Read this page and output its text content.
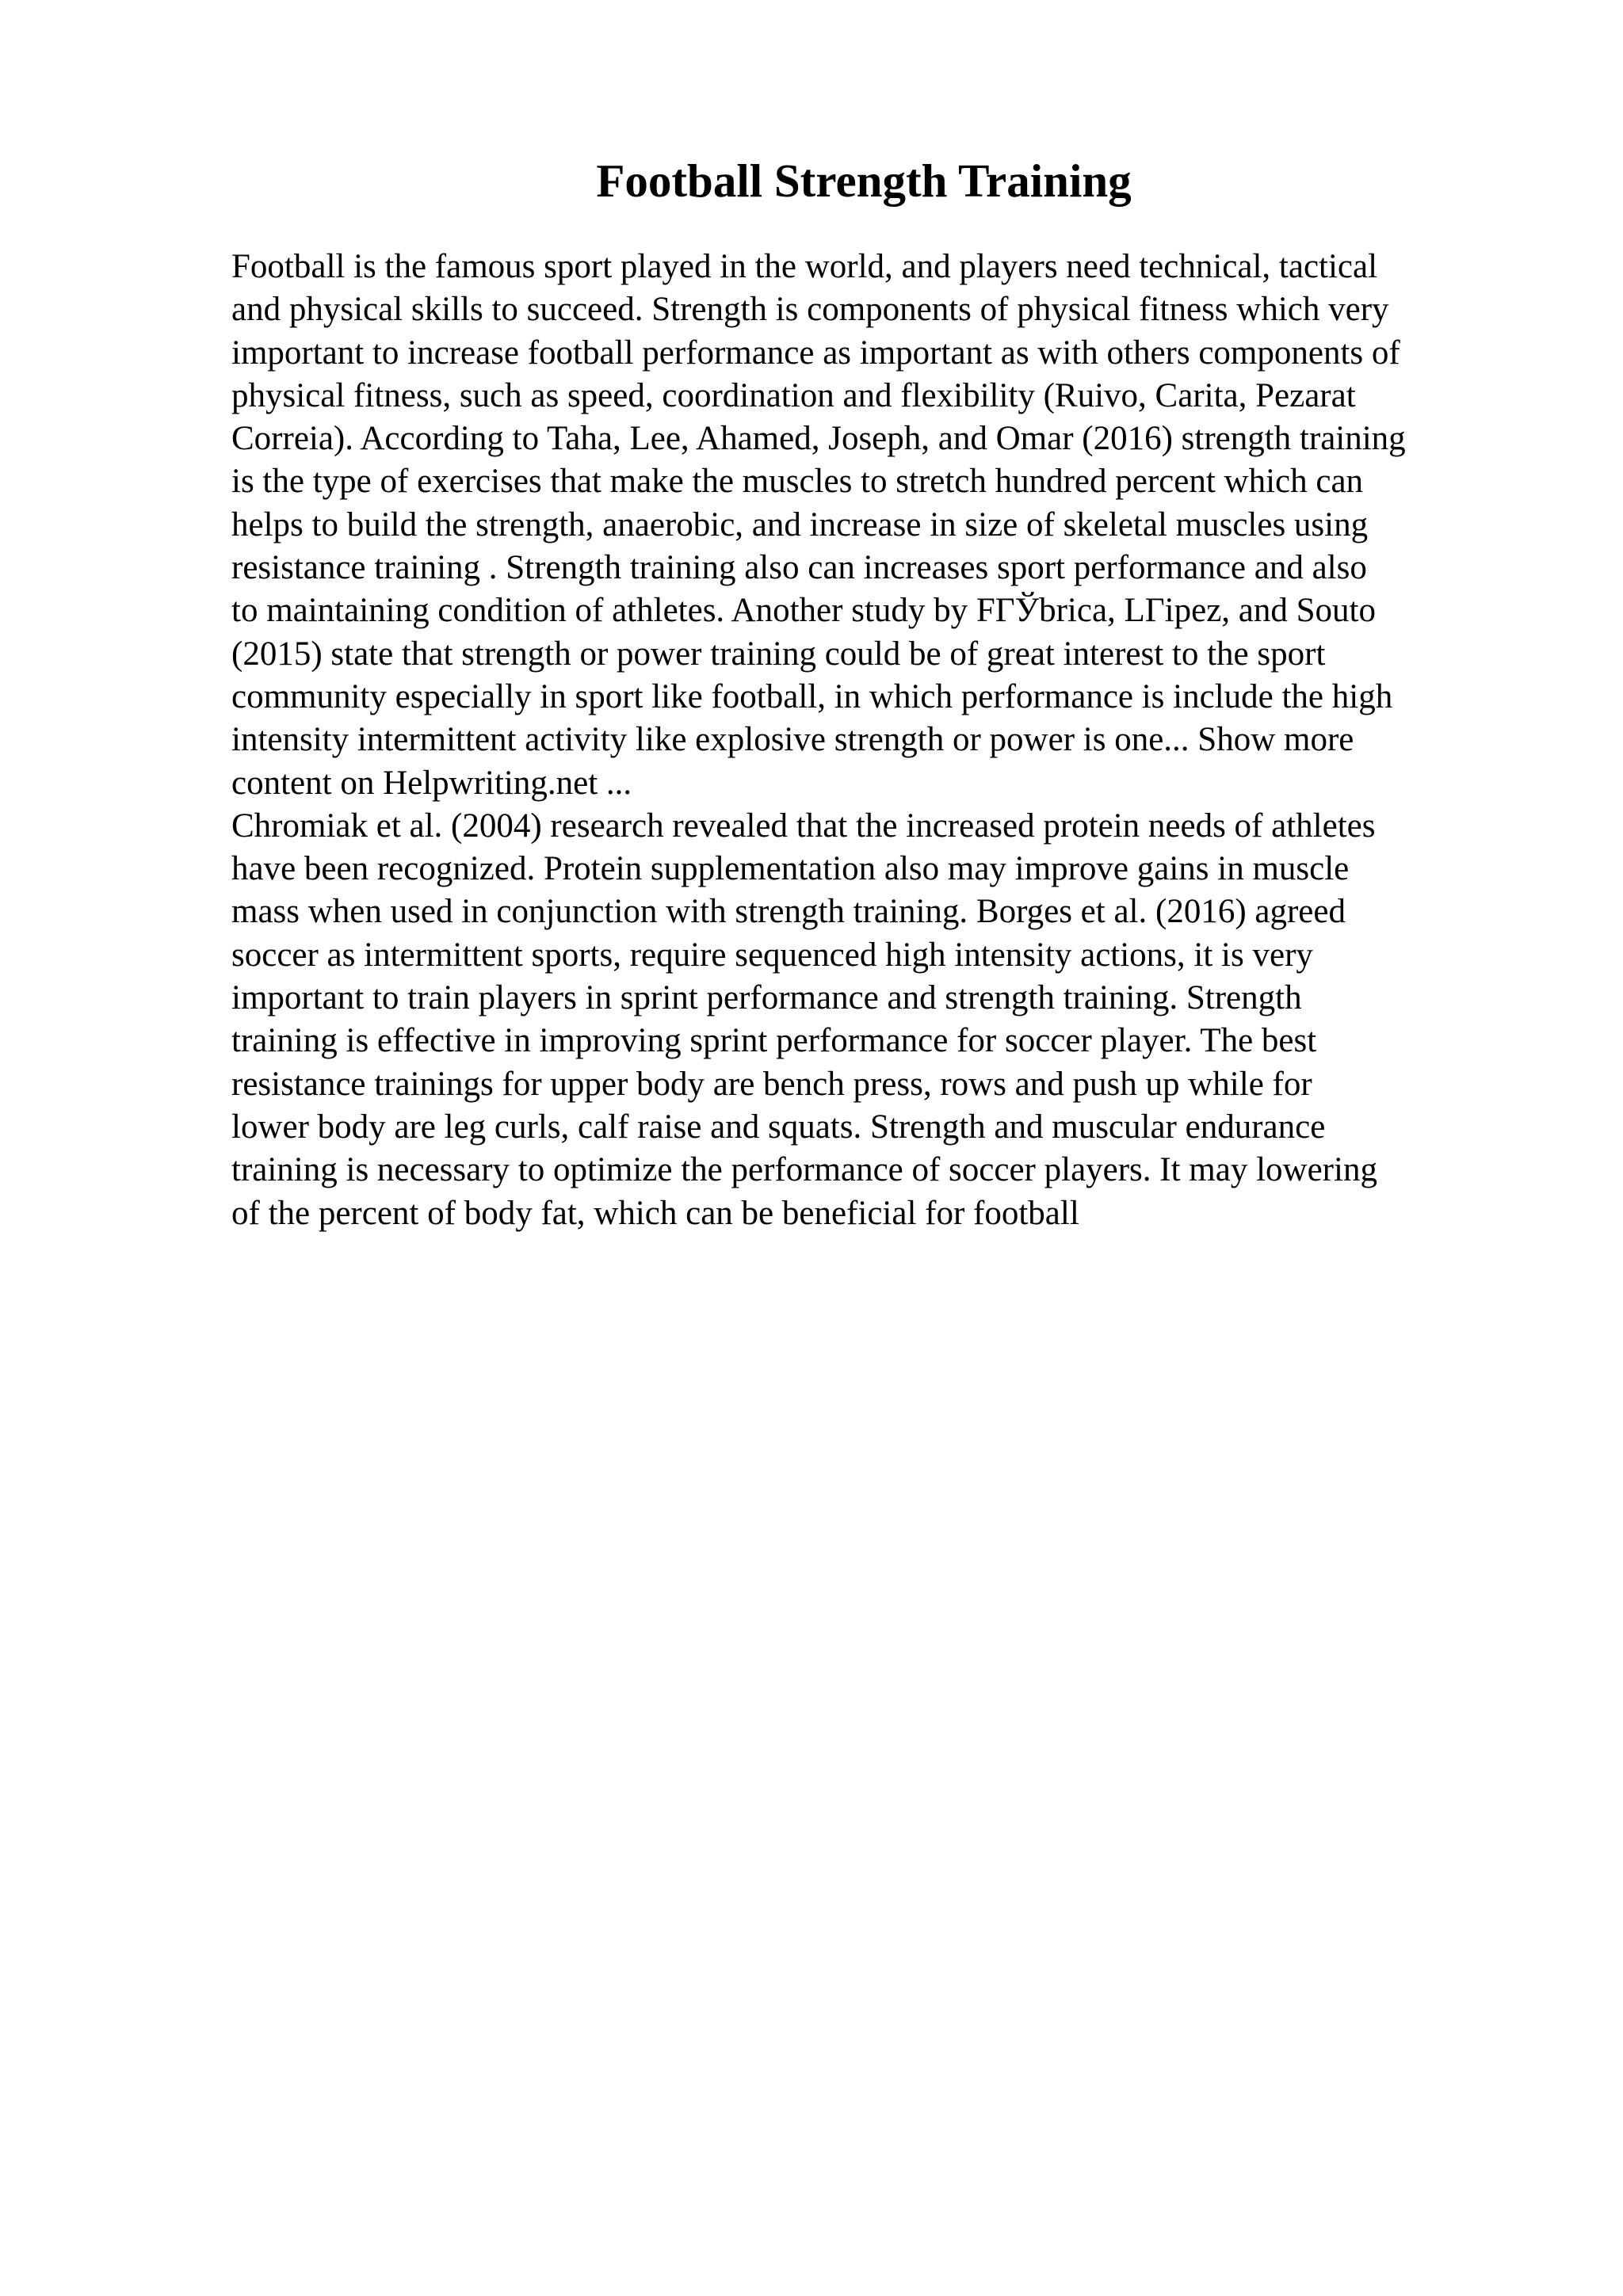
Football Strength Training

Football is the famous sport played in the world, and players need technical, tactical
and physical skills to succeed. Strength is components of physical fitness which very
important to increase football performance as important as with others components of
physical fitness, such as speed, coordination and flexibility (Ruivo, Carita, Pezarat
Correia). According to Taha, Lee, Ahamed, Joseph, and Omar (2016) strength training
is the type of exercises that make the muscles to stretch hundred percent which can
helps to build the strength, anaerobic, and increase in size of skeletal muscles using
resistance training . Strength training also can increases sport performance and also
to maintaining condition of athletes. Another study by FГЎbrica, LГіpez, and Souto
(2015) state that strength or power training could be of great interest to the sport
community especially in sport like football, in which performance is include the high
intensity intermittent activity like explosive strength or power is one... Show more
content on Helpwriting.net ...

Chromiak et al. (2004) research revealed that the increased protein needs of athletes
have been recognized. Protein supplementation also may improve gains in muscle
mass when used in conjunction with strength training. Borges et al. (2016) agreed
soccer as intermittent sports, require sequenced high intensity actions, it is very
important to train players in sprint performance and strength training. Strength
training is effective in improving sprint performance for soccer player. The best
resistance trainings for upper body are bench press, rows and push up while for
lower body are leg curls, calf raise and squats. Strength and muscular endurance
training is necessary to optimize the performance of soccer players. It may lowering
of the percent of body fat, which can be beneficial for football
